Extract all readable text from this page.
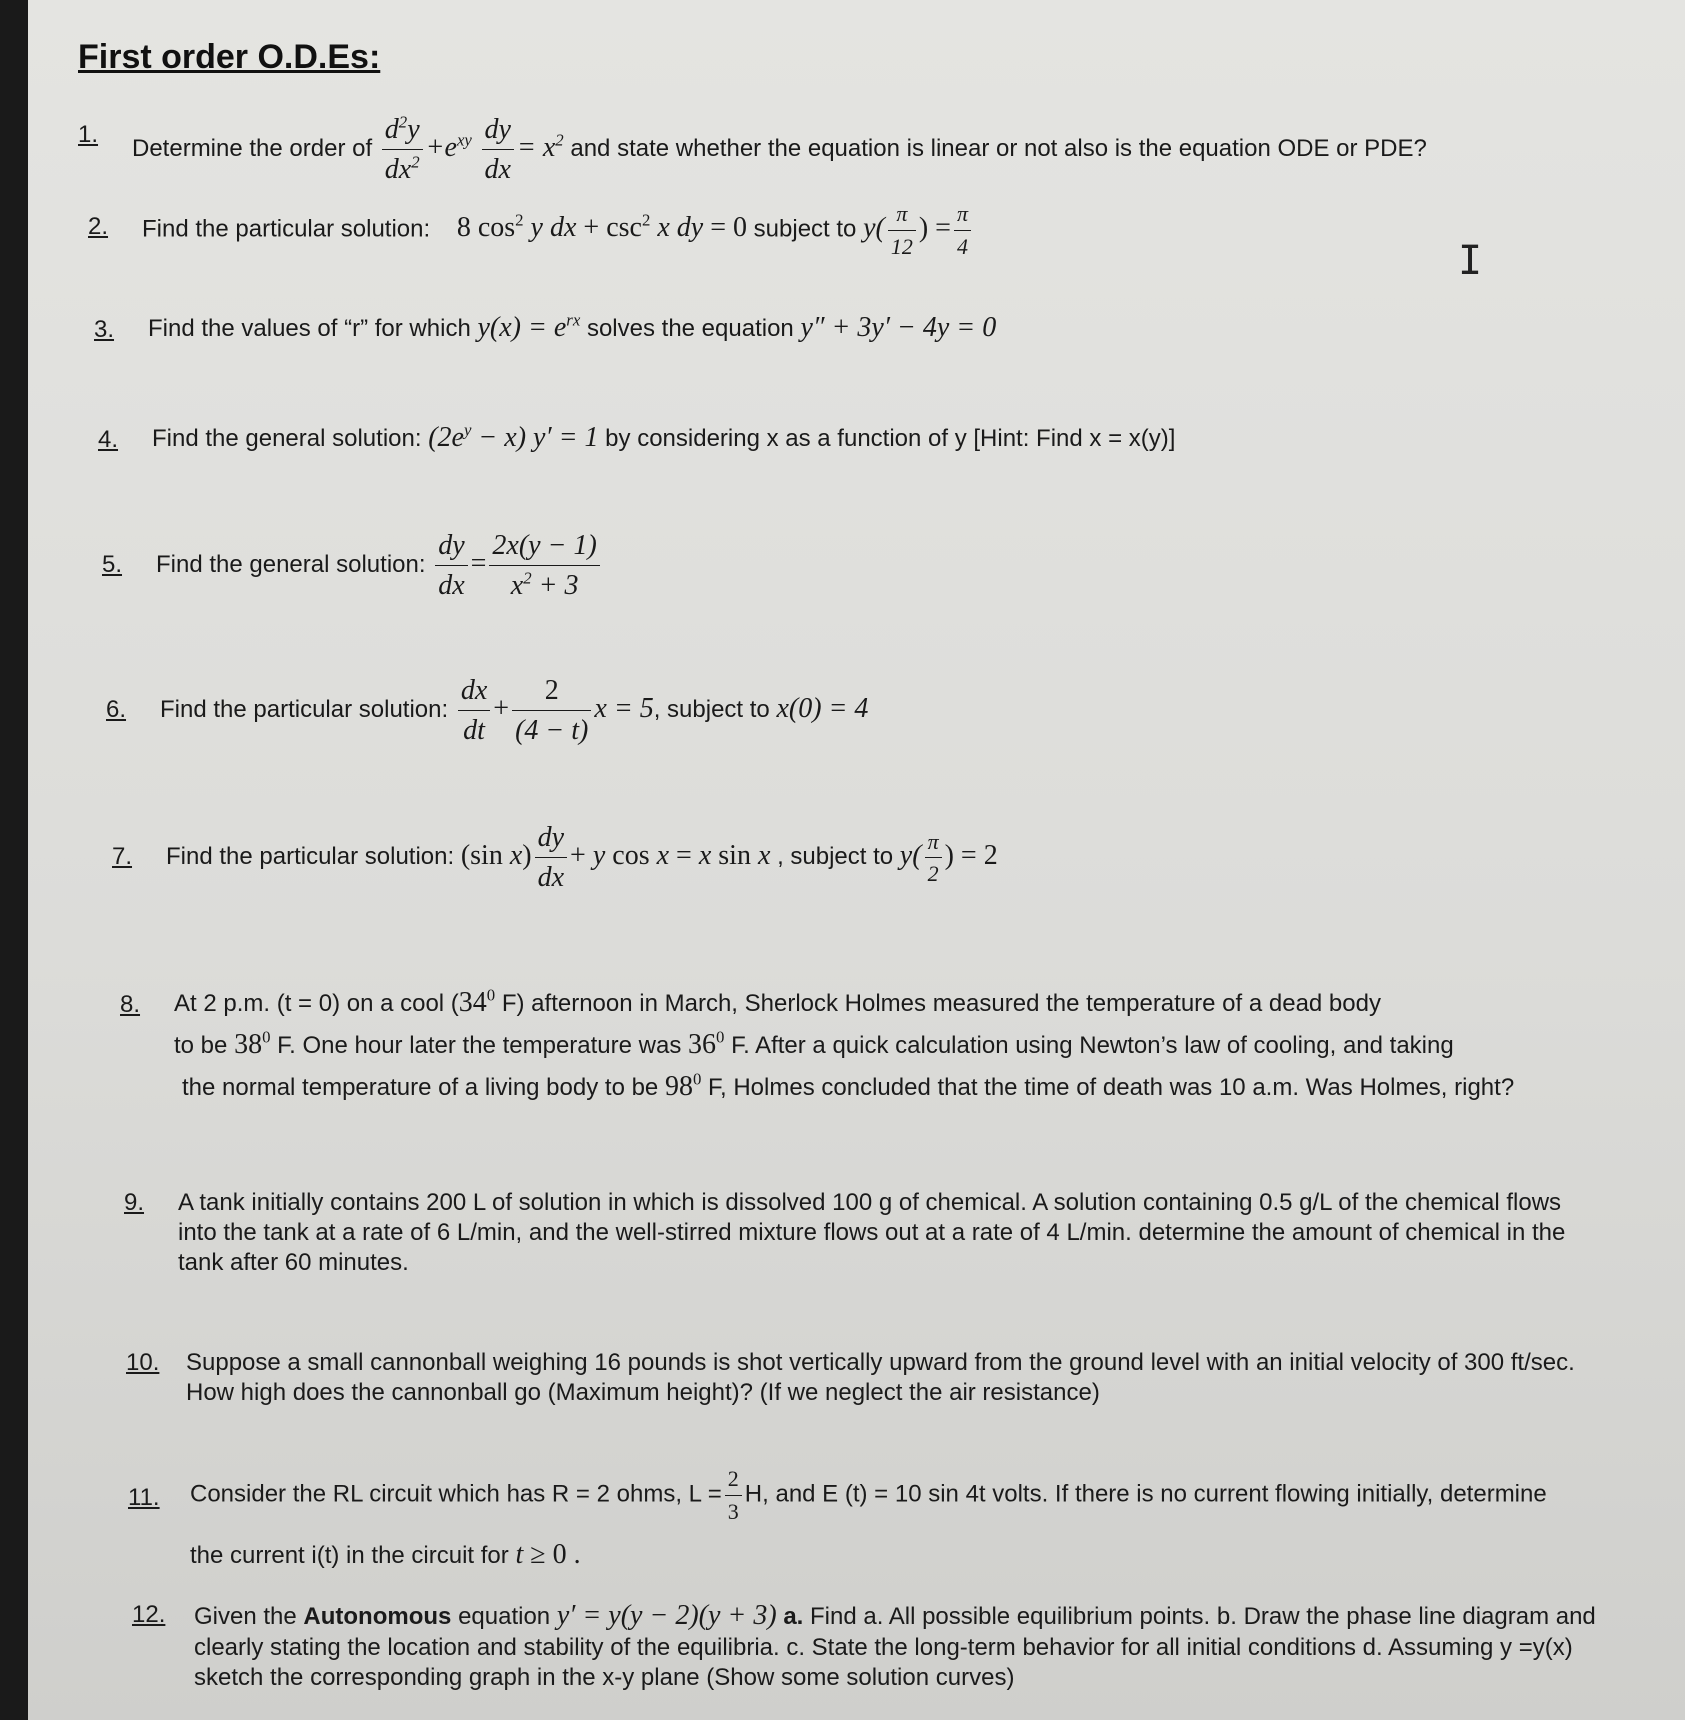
First order O.D.Es:
1.
Determine the order of $\frac{d^2y}{dx^2} +e^{xy} \frac{dy}{dx} = x^2$ and state whether the equation is linear or not also is the equation ODE or PDE?
2. Find the particular solution: 8 $\cos^2 y$ dx + $\csc^2 x$ dy = 0 subject to $y( \frac{\pi}{12}$ ) = $\frac{\pi}{4}$
3. Find the values of “r” for which $y(x) = e^{rx}$ solves the equation y″ + 3y′ − 4y = 0
4. Find the general solution: $(2e^y - x) y' = 1$ by considering x as a function of y [Hint: Find x = x(y)]
5. Find the general solution: $\frac{dy}{dx} = \frac{2x(y - 1)}{x^2 + 3}$
6. Find the particular solution: $\frac{dx}{dt} + \frac{2}{(4 - t)}$ x = 5, subject to x(0) = 4
7. Find the particular solution: (sin $x) \frac{dy}{dx} + y$ cos x = x sin x , subject to $y( \frac{\pi}{2}$ ) = 2
8. At 2 p.m. (t = 0) on a cool ($34^0$ F) afternoon in March, Sherlock Holmes measured the temperature of a dead body
to be $38^0$ F. One hour later the temperature was $36^0$ F. After a quick calculation using Newton’s law of cooling, and taking
the normal temperature of a living body to be $98^0$ F, Holmes concluded that the time of death was 10 a.m. Was Holmes, right?
9. A tank initially contains 200 L of solution in which is dissolved 100 g of chemical. A solution containing 0.5 g/L of the chemical flows into the tank at a rate of 6 L/min, and the well-stirred mixture flows out at a rate of 4 L/min. determine the amount of chemical in the tank after 60 minutes.
10. Suppose a small cannonball weighing 16 pounds is shot vertically upward from the ground level with an initial velocity of 300 ft/sec. How high does the cannonball go (Maximum height)? (If we neglect the air resistance)
11. Consider the RL circuit which has R = 2 ohms, $L = \frac{2}{3} H$, and E (t) = 10 sin 4t volts. If there is no current flowing initially, determine
the current i(t) in the circuit for t ≥ 0 .
12. Given the Autonomous equation y′ = y(y − 2)(y + 3) a. Find a. All possible equilibrium points. b. Draw the phase line diagram and clearly stating the location and stability of the equilibria. c. State the long-term behavior for all initial conditions d. Assuming y =y(x) sketch the corresponding graph in the x-y plane (Show some solution curves)
I
